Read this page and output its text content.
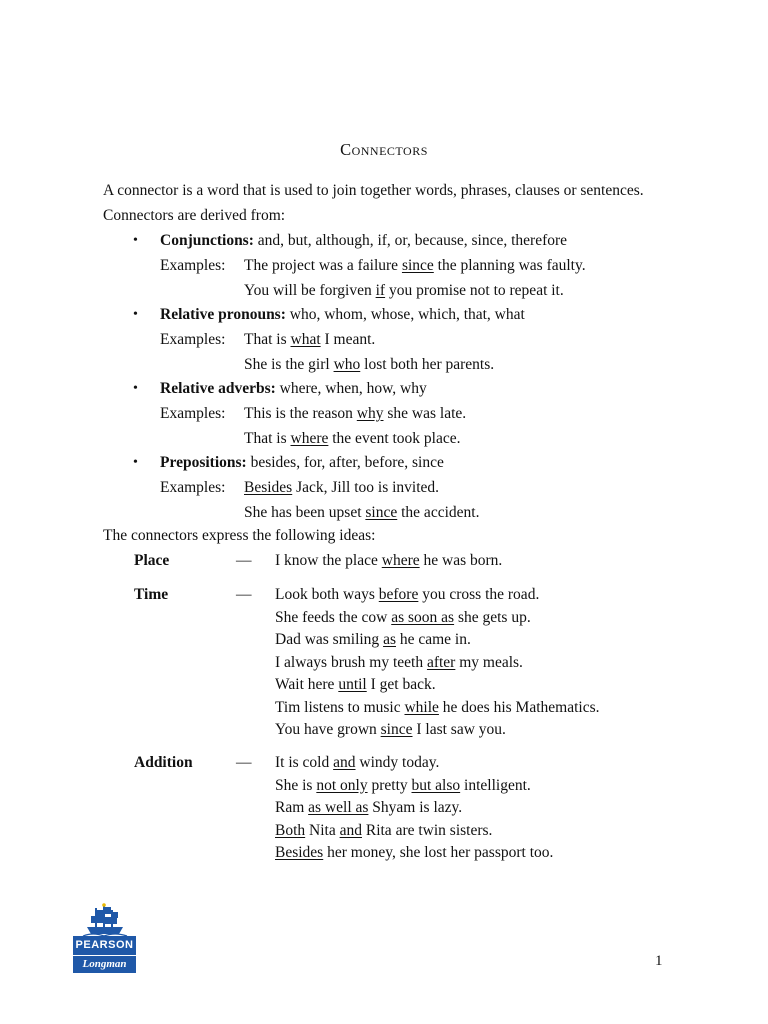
Connectors
A connector is a word that is used to join together words, phrases, clauses or sentences.
Connectors are derived from:
• Conjunctions: and, but, although, if, or, because, since, therefore
Examples: The project was a failure since the planning was faulty.
You will be forgiven if you promise not to repeat it.
• Relative pronouns: who, whom, whose, which, that, what
Examples: That is what I meant.
She is the girl who lost both her parents.
• Relative adverbs: where, when, how, why
Examples: This is the reason why she was late.
That is where the event took place.
• Prepositions: besides, for, after, before, since
Examples: Besides Jack, Jill too is invited.
She has been upset since the accident.
The connectors express the following ideas:
Place	— I know the place where he was born.
Time	— Look both ways before you cross the road.
She feeds the cow as soon as she gets up.
Dad was smiling as he came in.
I always brush my teeth after my meals.
Wait here until I get back.
Tim listens to music while he does his Mathematics.
You have grown since I last saw you.
Addition	— It is cold and windy today.
She is not only pretty but also intelligent.
Ram as well as Shyam is lazy.
Both Nita and Rita are twin sisters.
Besides her money, she lost her passport too.
PEARSON
Longman	1
